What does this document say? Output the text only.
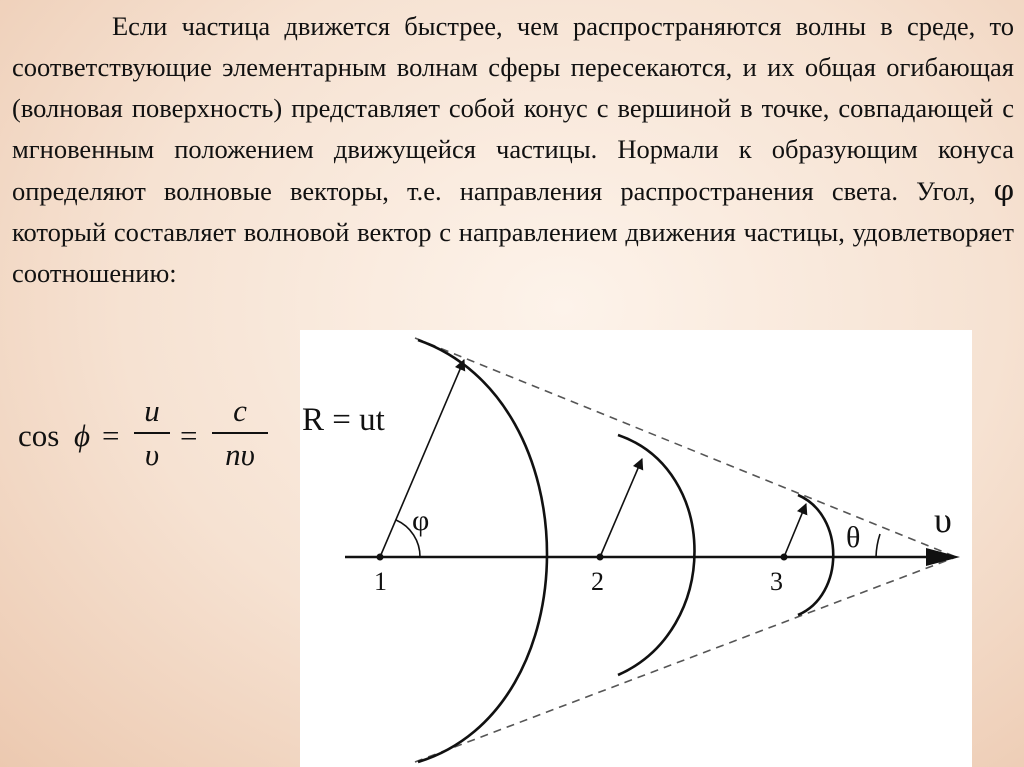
Если частица движется быстрее, чем распространяются волны в среде, то соответствующие элементарным волнам сферы пересекаются, и их общая огибающая (волновая поверхность) представляет собой конус с вершиной в точке, совпадающей с мгновенным положением движущейся частицы. Нормали к образующим конуса определяют волновые векторы, т.е. направления распространения света. Угол, φ который составляет волновой вектор с направлением движения частицы, удовлетворяет соотношению:

cos ϕ =
u
υ
=
c
nυ
R = ut
φ
θ υ
1	2	3
